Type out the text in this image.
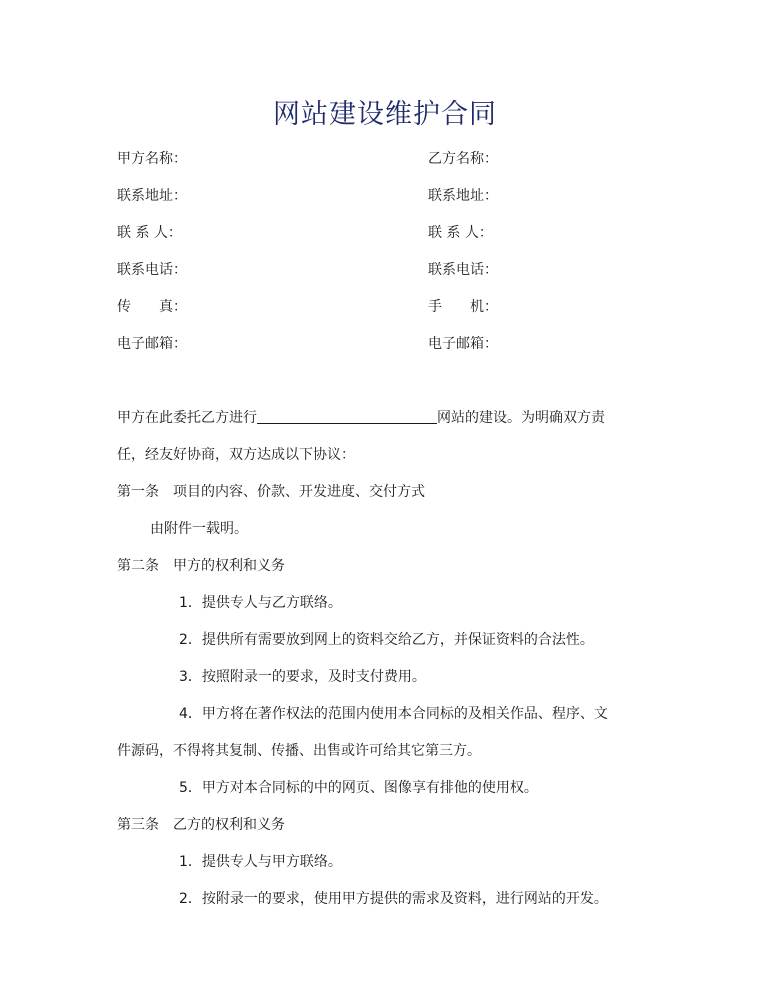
网站建设维护合同
甲方名称：
联系地址：
联 系 人：
联系电话：
传　　真：
电子邮箱：
乙方名称：
联系地址：
联 系 人：
联系电话：
手　　机：
电子邮箱：
甲方在此委托乙方进行	网站的建设。为明确双方责
任，经友好协商，双方达成以下协议：
第一条 项目的内容、价款、开发进度、交付方式
由附件一载明。
第二条 甲方的权利和义务
1．提供专人与乙方联络。
2．提供所有需要放到网上的资料交给乙方，并保证资料的合法性。
3．按照附录一的要求，及时支付费用。
4．甲方将在著作权法的范围内使用本合同标的及相关作品、程序、文
件源码，不得将其复制、传播、出售或许可给其它第三方。
5．甲方对本合同标的中的网页、图像享有排他的使用权。
第三条 乙方的权利和义务
1．提供专人与甲方联络。
2．按附录一的要求，使用甲方提供的需求及资料，进行网站的开发。
